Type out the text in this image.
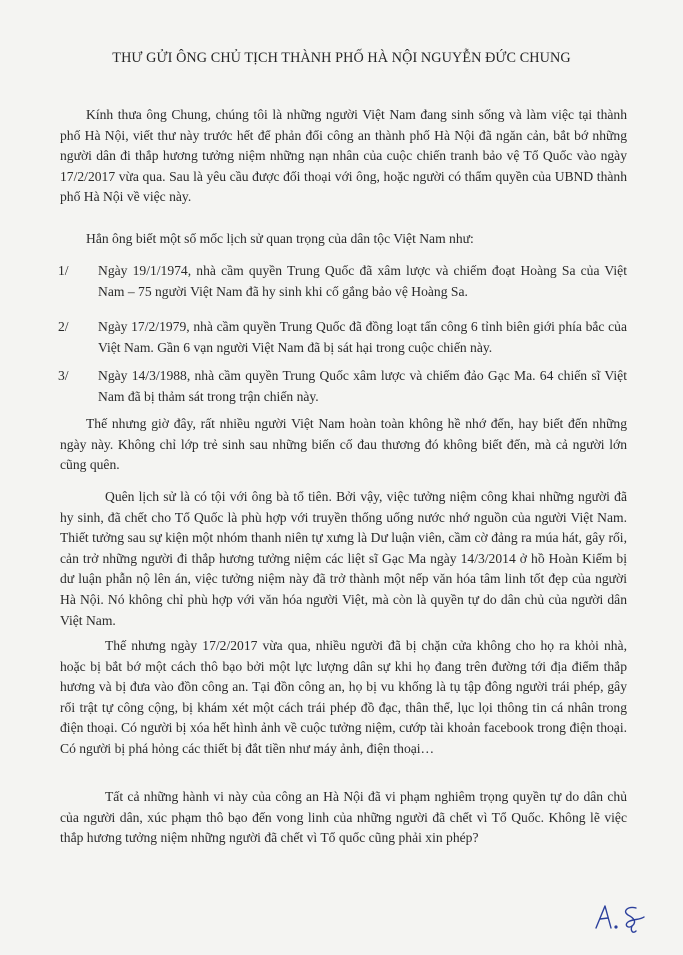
THƯ GỬI ÔNG CHỦ TỊCH THÀNH PHỐ HÀ NỘI NGUYỄN ĐỨC CHUNG

Kính thưa ông Chung, chúng tôi là những người Việt Nam đang sinh sống và làm việc tại thành phố Hà Nội, viết thư này trước hết để phản đối công an thành phố Hà Nội đã ngăn cản, bắt bớ những người dân đi thắp hương tưởng niệm những nạn nhân của cuộc chiến tranh bảo vệ Tổ Quốc vào ngày 17/2/2017 vừa qua. Sau là yêu cầu được đối thoại với ông, hoặc người có thẩm quyền của UBND thành phố Hà Nội về việc này.

Hẳn ông biết một số mốc lịch sử quan trọng của dân tộc Việt Nam như:

1/ Ngày 19/1/1974, nhà cầm quyền Trung Quốc đã xâm lược và chiếm đoạt Hoàng Sa của Việt Nam – 75 người Việt Nam đã hy sinh khi cố gắng bảo vệ Hoàng Sa.

2/ Ngày 17/2/1979, nhà cầm quyền Trung Quốc đã đồng loạt tấn công 6 tỉnh biên giới phía bắc của Việt Nam. Gần 6 vạn người Việt Nam đã bị sát hại trong cuộc chiến này.

3/ Ngày 14/3/1988, nhà cầm quyền Trung Quốc xâm lược và chiếm đảo Gạc Ma. 64 chiến sĩ Việt Nam đã bị thảm sát trong trận chiến này.

Thế nhưng giờ đây, rất nhiều người Việt Nam hoàn toàn không hề nhớ đến, hay biết đến những ngày này. Không chỉ lớp trẻ sinh sau những biến cố đau thương đó không biết đến, mà cả người lớn cũng quên.

Quên lịch sử là có tội với ông bà tổ tiên. Bởi vậy, việc tưởng niệm công khai những người đã hy sinh, đã chết cho Tổ Quốc là phù hợp với truyền thống uống nước nhớ nguồn của người Việt Nam. Thiết tưởng sau sự kiện một nhóm thanh niên tự xưng là Dư luận viên, cầm cờ đảng ra múa hát, gây rối, cản trở những người đi thắp hương tưởng niệm các liệt sĩ Gạc Ma ngày 14/3/2014 ở hồ Hoàn Kiếm bị dư luận phẫn nộ lên án, việc tưởng niệm này đã trở thành một nếp văn hóa tâm linh tốt đẹp của người Hà Nội. Nó không chỉ phù hợp với văn hóa người Việt, mà còn là quyền tự do dân chủ của người dân Việt Nam.

Thế nhưng ngày 17/2/2017 vừa qua, nhiều người đã bị chặn cửa không cho họ ra khỏi nhà, hoặc bị bắt bớ một cách thô bạo bởi một lực lượng dân sự khi họ đang trên đường tới địa điểm thắp hương và bị đưa vào đồn công an. Tại đồn công an, họ bị vu khống là tụ tập đông người trái phép, gây rối trật tự công cộng, bị khám xét một cách trái phép đồ đạc, thân thể, lục lọi thông tin cá nhân trong điện thoại. Có người bị xóa hết hình ảnh về cuộc tưởng niệm, cướp tài khoản facebook trong điện thoại. Có người bị phá hỏng các thiết bị đắt tiền như máy ảnh, điện thoại…

Tất cả những hành vi này của công an Hà Nội đã vi phạm nghiêm trọng quyền tự do dân chủ của người dân, xúc phạm thô bạo đến vong linh của những người đã chết vì Tổ Quốc. Không lẽ việc thắp hương tưởng niệm những người đã chết vì Tổ quốc cũng phải xin phép?
